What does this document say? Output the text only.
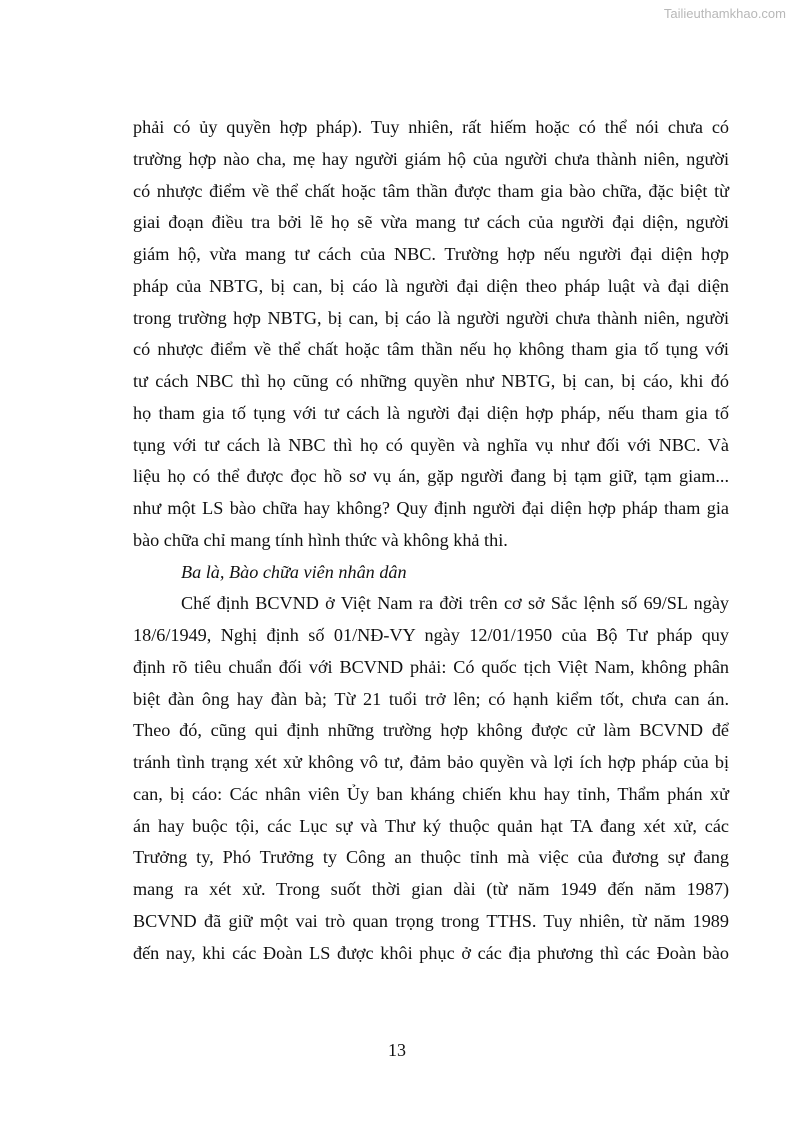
Tailieuthamkhao.com
phải có ủy quyền hợp pháp). Tuy nhiên, rất hiếm hoặc có thể nói chưa có
trường hợp nào cha, mẹ hay người giám hộ của người chưa thành niên, người
có nhược điểm về thể chất hoặc tâm thần được tham gia bào chữa, đặc biệt từ
giai đoạn điều tra bởi lẽ họ sẽ vừa mang tư cách của người đại diện, người
giám hộ, vừa mang tư cách của NBC. Trường hợp nếu người đại diện hợp
pháp của NBTG, bị can, bị cáo là người đại diện theo pháp luật và đại diện
trong trường hợp NBTG, bị can, bị cáo là người người chưa thành niên, người
có nhược điểm về thể chất hoặc tâm thần nếu họ không tham gia tố tụng với
tư cách NBC thì họ cũng có những quyền như NBTG, bị can, bị cáo, khi đó
họ tham gia tố tụng với tư cách là người đại diện hợp pháp, nếu tham gia tố
tụng với tư cách là NBC thì họ có quyền và nghĩa vụ như đối với NBC. Và
liệu họ có thể được đọc hồ sơ vụ án, gặp người đang bị tạm giữ, tạm giam...
như một LS bào chữa hay không? Quy định người đại diện hợp pháp tham gia
bào chữa chỉ mang tính hình thức và không khả thi.
Ba là, Bào chữa viên nhân dân
Chế định BCVND ở Việt Nam ra đời trên cơ sở Sắc lệnh số 69/SL ngày
18/6/1949, Nghị định số 01/NĐ-VY ngày 12/01/1950 của Bộ Tư pháp quy
định rõ tiêu chuẩn đối với BCVND phải: Có quốc tịch Việt Nam, không phân
biệt đàn ông hay đàn bà; Từ 21 tuổi trở lên; có hạnh kiểm tốt, chưa can án.
Theo đó, cũng qui định những trường hợp không được cử làm BCVND để
tránh tình trạng xét xử không vô tư, đảm bảo quyền và lợi ích hợp pháp của bị
can, bị cáo: Các nhân viên Ủy ban kháng chiến khu hay tỉnh, Thẩm phán xử
án hay buộc tội, các Lục sự và Thư ký thuộc quản hạt TA đang xét xử, các
Trưởng ty, Phó Trưởng ty Công an thuộc tỉnh mà việc của đương sự đang
mang ra xét xử. Trong suốt thời gian dài (từ năm 1949 đến năm 1987)
BCVND đã giữ một vai trò quan trọng trong TTHS. Tuy nhiên, từ năm 1989
đến nay, khi các Đoàn LS được khôi phục ở các địa phương thì các Đoàn bào
13
